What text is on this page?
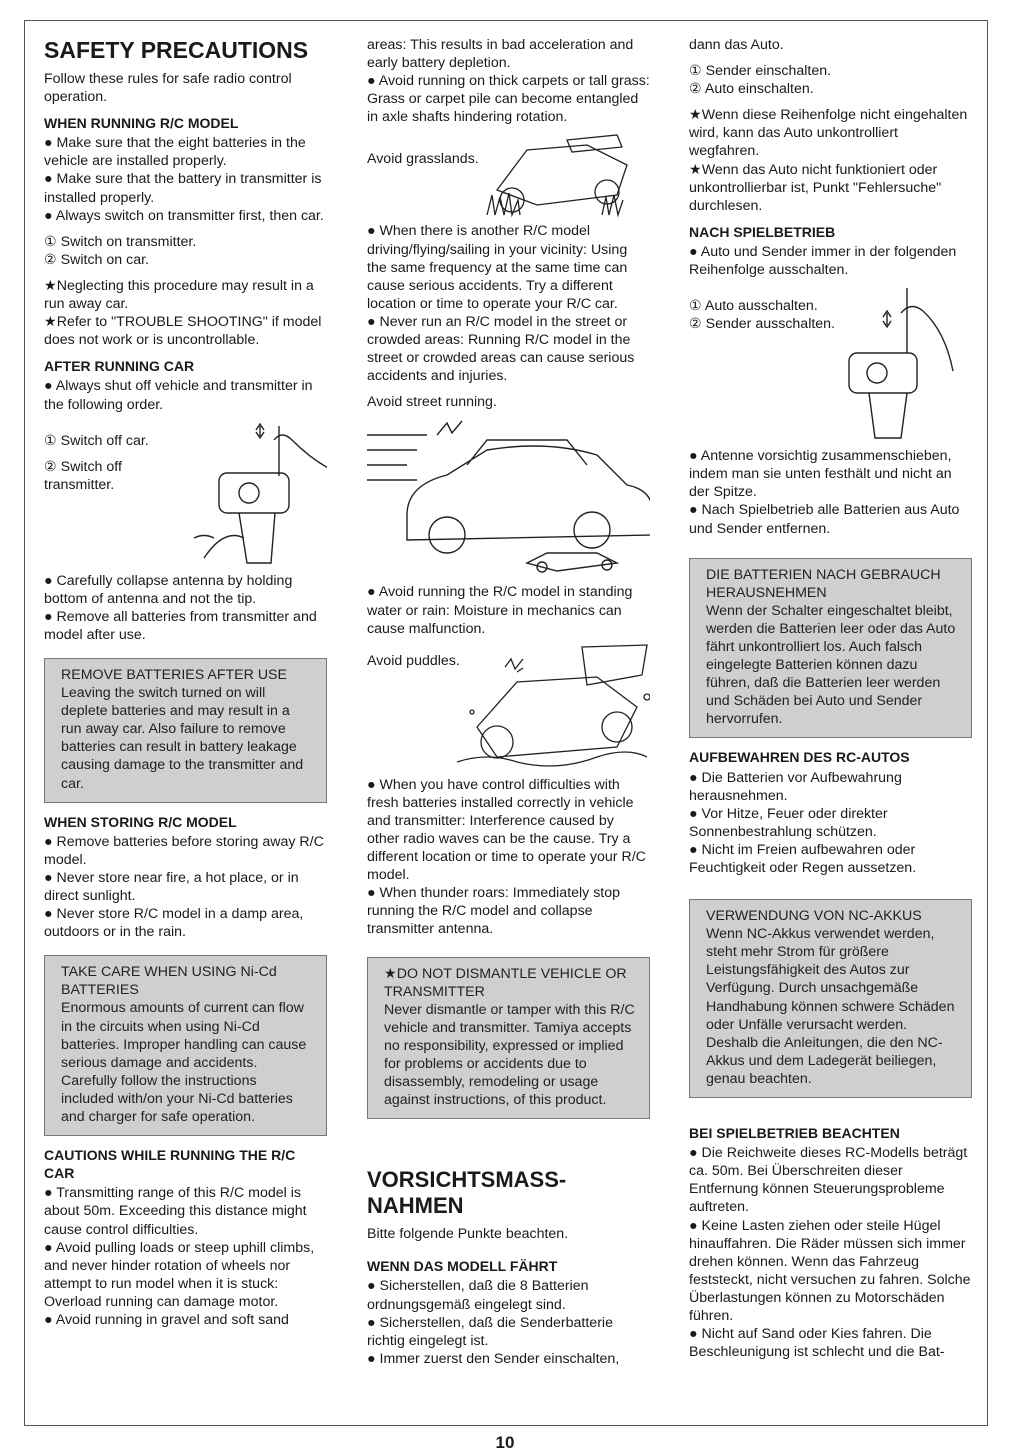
SAFETY PRECAUTIONS

Follow these rules for safe radio control operation.

WHEN RUNNING R/C MODEL

● Make sure that the eight batteries in the vehicle are installed properly.

● Make sure that the battery in transmitter is installed properly.

● Always switch on transmitter first, then car.

① Switch on transmitter.

② Switch on car.

★Neglecting this procedure may result in a run away car.

★Refer to "TROUBLE SHOOTING" if model does not work or is uncontrollable.

AFTER RUNNING CAR

● Always shut off vehicle and transmitter in the following order.

① Switch off car.

② Switch off transmitter.

● Carefully collapse antenna by holding bottom of antenna and not the tip.

● Remove all batteries from transmitter and model after use.

REMOVE BATTERIES AFTER USE

Leaving the switch turned on will deplete batteries and may result in a run away car. Also failure to remove batteries can result in battery leakage causing damage to the transmitter and car.

WHEN STORING R/C MODEL

● Remove batteries before storing away R/C model.

● Never store near fire, a hot place, or in direct sunlight.

● Never store R/C model in a damp area, outdoors or in the rain.

TAKE CARE WHEN USING Ni-Cd BATTERIES

Enormous amounts of current can flow in the circuits when using Ni-Cd batteries. Improper handling can cause serious damage and accidents. Carefully follow the instructions included with/on your Ni-Cd batteries and charger for safe operation.

CAUTIONS WHILE RUNNING THE R/C CAR

● Transmitting range of this R/C model is about 50m. Exceeding this distance might cause control difficulties.

● Avoid pulling loads or steep uphill climbs, and never hinder rotation of wheels nor attempt to run model when it is stuck: Overload running can damage motor.

● Avoid running in gravel and soft sand

areas: This results in bad acceleration and early battery depletion.

● Avoid running on thick carpets or tall grass: Grass or carpet pile can become entangled in axle shafts hindering rotation.

Avoid grasslands.

● When there is another R/C model driving/flying/sailing in your vicinity: Using the same frequency at the same time can cause serious accidents. Try a different location or time to operate your R/C car.

● Never run an R/C model in the street or crowded areas: Running R/C model in the street or crowded areas can cause serious accidents and injuries.

Avoid street running.

● Avoid running the R/C model in standing water or rain: Moisture in mechanics can cause malfunction.

Avoid puddles.

● When you have control difficulties with fresh batteries installed correctly in vehicle and transmitter: Interference caused by other radio waves can be the cause. Try a different location or time to operate your R/C model.

● When thunder roars: Immediately stop running the R/C model and collapse transmitter antenna.

★DO NOT DISMANTLE VEHICLE OR TRANSMITTER

Never dismantle or tamper with this R/C vehicle and transmitter. Tamiya accepts no responsibility, expressed or implied for problems or accidents due to disassembly, remodeling or usage against instructions, of this product.

VORSICHTSMASS-NAHMEN

Bitte folgende Punkte beachten.

WENN DAS MODELL FÄHRT

● Sicherstellen, daß die 8 Batterien ordnungsgemäß eingelegt sind.

● Sicherstellen, daß die Senderbatterie richtig eingelegt ist.

● Immer zuerst den Sender einschalten,

dann das Auto.

① Sender einschalten.

② Auto einschalten.

★Wenn diese Reihenfolge nicht eingehalten wird, kann das Auto unkontrolliert wegfahren.

★Wenn das Auto nicht funktioniert oder unkontrollierbar ist, Punkt "Fehlersuche" durchlesen.

NACH SPIELBETRIEB

● Auto und Sender immer in der folgenden Reihenfolge ausschalten.

① Auto ausschalten.

② Sender ausschalten.

● Antenne vorsichtig zusammenschieben, indem man sie unten festhält und nicht an der Spitze.

● Nach Spielbetrieb alle Batterien aus Auto und Sender entfernen.

DIE BATTERIEN NACH GEBRAUCH HERAUSNEHMEN

Wenn der Schalter eingeschaltet bleibt, werden die Batterien leer oder das Auto fährt unkontrolliert los. Auch falsch eingelegte Batterien können dazu führen, daß die Batterien leer werden und Schäden bei Auto und Sender hervorrufen.

AUFBEWAHREN DES RC-AUTOS

● Die Batterien vor Aufbewahrung herausnehmen.

● Vor Hitze, Feuer oder direkter Sonnenbestrahlung schützen.

● Nicht im Freien aufbewahren oder Feuchtigkeit oder Regen aussetzen.

VERWENDUNG VON NC-AKKUS

Wenn NC-Akkus verwendet werden, steht mehr Strom für größere Leistungsfähigkeit des Autos zur Verfügung. Durch unsachgemäße Handhabung können schwere Schäden oder Unfälle verursacht werden. Deshalb die Anleitungen, die den NC-Akkus und dem Ladegerät beiliegen, genau beachten.

BEI SPIELBETRIEB BEACHTEN

● Die Reichweite dieses RC-Modells beträgt ca. 50m. Bei Überschreiten dieser Entfernung können Steuerungsprobleme auftreten.

● Keine Lasten ziehen oder steile Hügel hinauffahren. Die Räder müssen sich immer drehen können. Wenn das Fahrzeug feststeckt, nicht versuchen zu fahren. Solche Überlastungen können zu Motorschäden führen.

● Nicht auf Sand oder Kies fahren. Die Beschleunigung ist schlecht und die Bat-

10
